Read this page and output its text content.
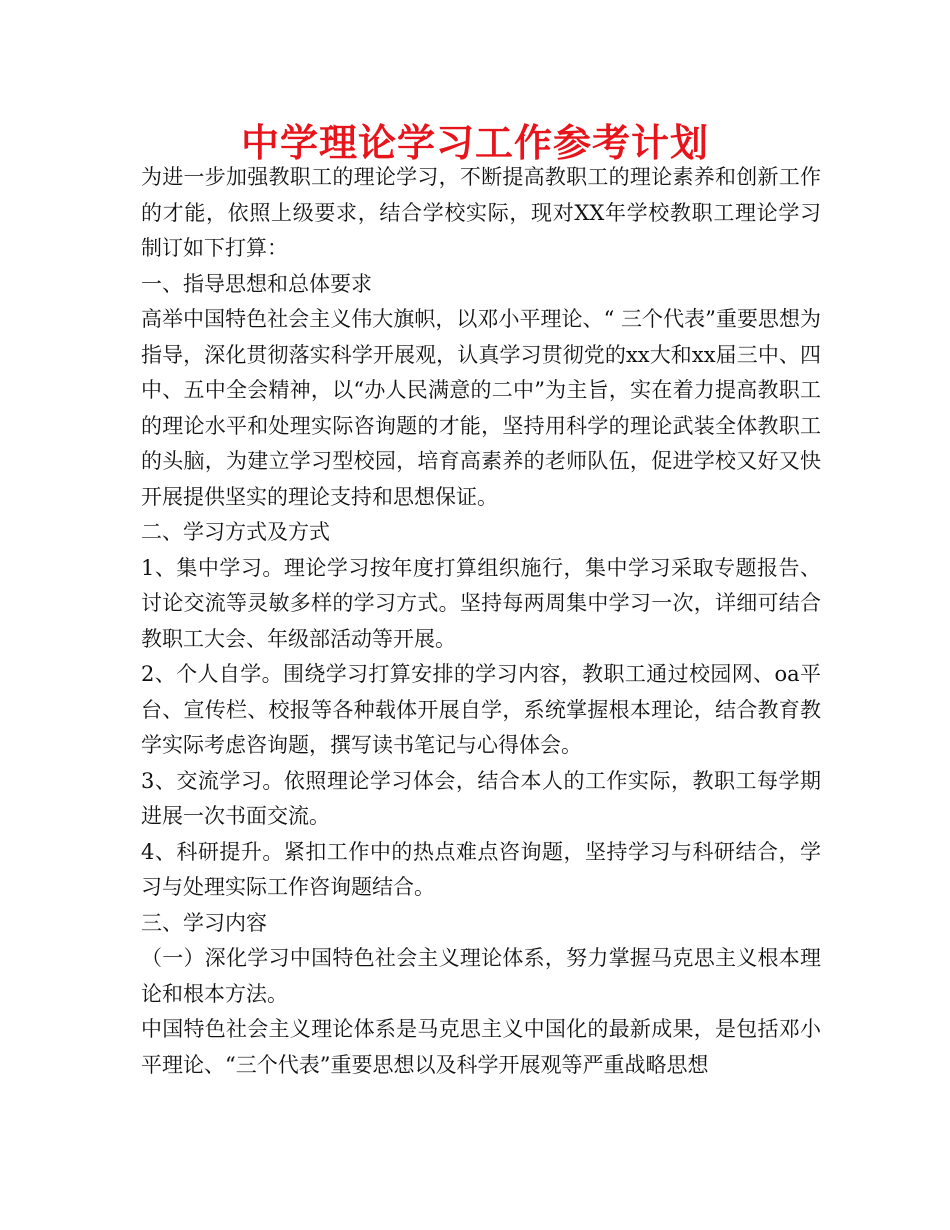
中学理论学习工作参考计划

为进一步加强教职工的理论学习，不断提高教职工的理论素养和创新工作的才能，依照上级要求，结合学校实际，现对XX年学校教职工理论学习制订如下打算：

一、指导思想和总体要求

高举中国特色社会主义伟大旗帜，以邓小平理论、“ 三个代表”重要思想为指导，深化贯彻落实科学开展观，认真学习贯彻党的xx大和xx届三中、四中、五中全会精神，以“办人民满意的二中”为主旨，实在着力提高教职工的理论水平和处理实际咨询题的才能，坚持用科学的理论武装全体教职工的头脑，为建立学习型校园，培育高素养的老师队伍，促进学校又好又快开展提供坚实的理论支持和思想保证。

二、学习方式及方式

1、集中学习。理论学习按年度打算组织施行，集中学习采取专题报告、讨论交流等灵敏多样的学习方式。坚持每两周集中学习一次，详细可结合教职工大会、年级部活动等开展。

2、个人自学。围绕学习打算安排的学习内容，教职工通过校园网、oa平台、宣传栏、校报等各种载体开展自学，系统掌握根本理论，结合教育教学实际考虑咨询题，撰写读书笔记与心得体会。

3、交流学习。依照理论学习体会，结合本人的工作实际，教职工每学期进展一次书面交流。

4、科研提升。紧扣工作中的热点难点咨询题，坚持学习与科研结合，学习与处理实际工作咨询题结合。

三、学习内容

（一）深化学习中国特色社会主义理论体系，努力掌握马克思主义根本理论和根本方法。

中国特色社会主义理论体系是马克思主义中国化的最新成果，是包括邓小平理论、“三个代表”重要思想以及科学开展观等严重战略思想
